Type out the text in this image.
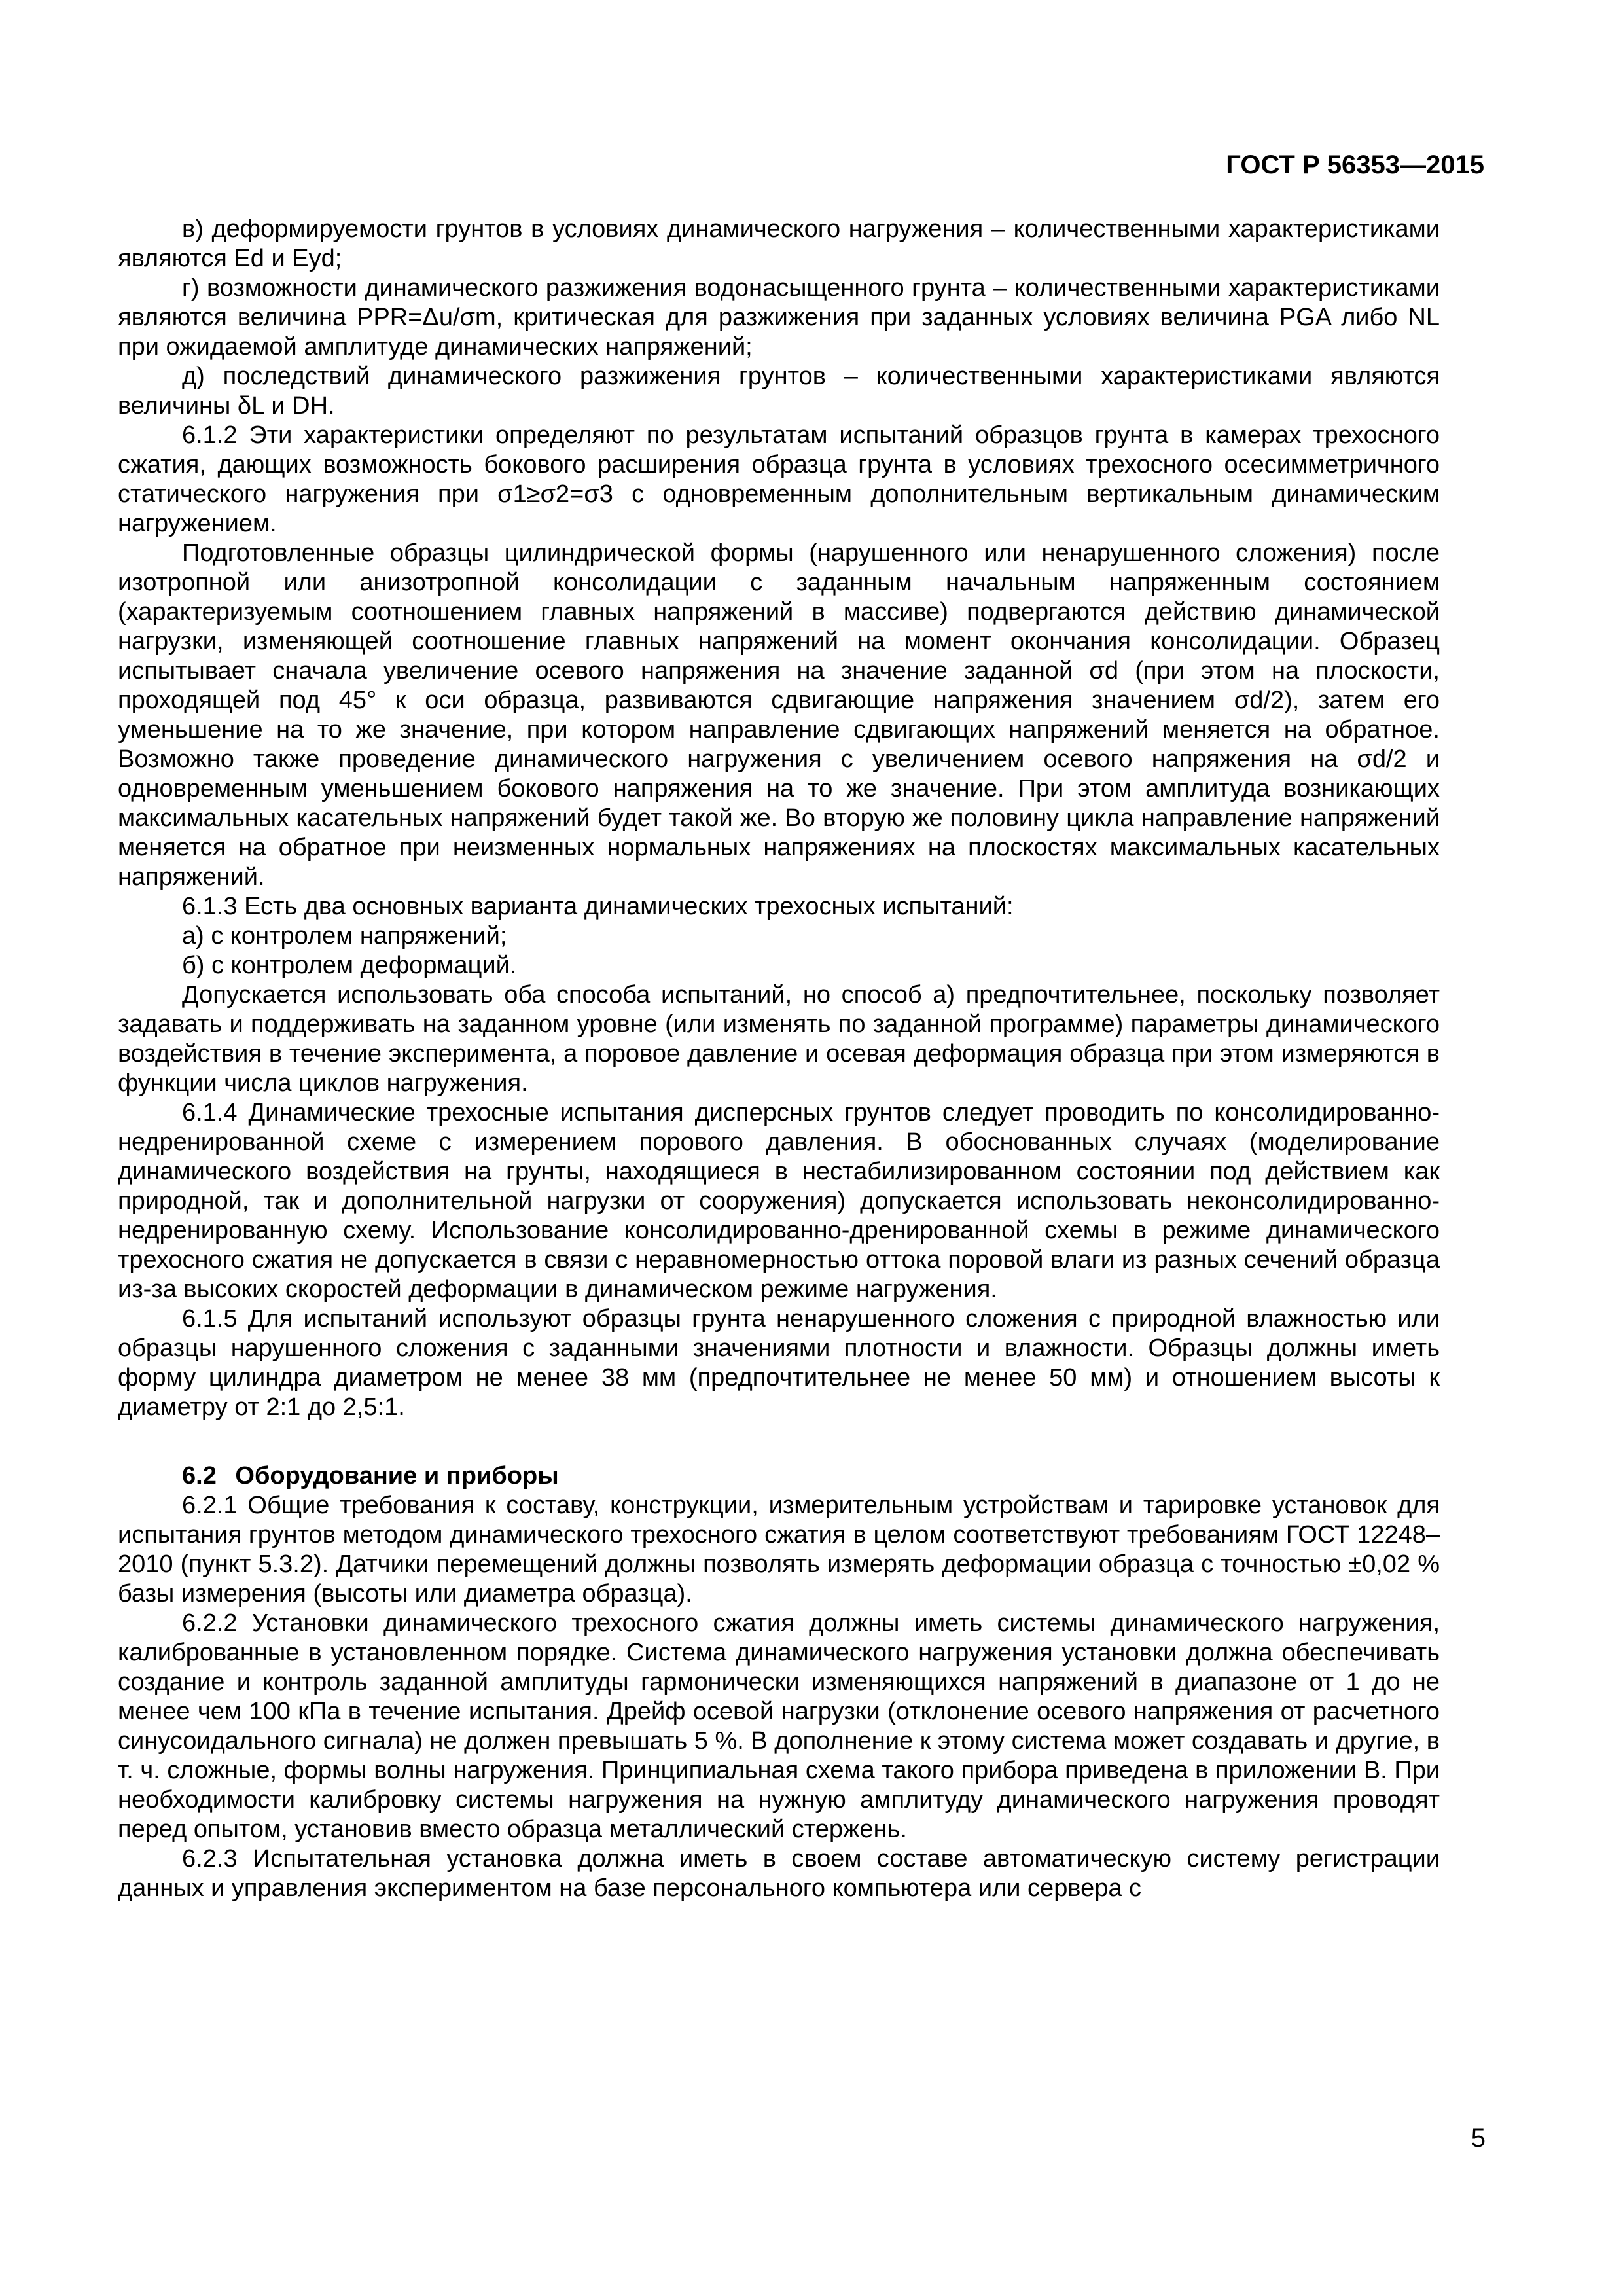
ГОСТ Р 56353—2015

в) деформируемости грунтов в условиях динамического нагружения – количественными характеристиками являются Ed и Eуd;

г) возможности динамического разжижения водонасыщенного грунта – количественными характеристиками являются величина PPR=Δu/σm, критическая для разжижения при заданных условиях величина PGA либо NL при ожидаемой амплитуде динамических напряжений;

д) последствий динамического разжижения грунтов – количественными характеристиками являются величины δL и DH.

6.1.2 Эти характеристики определяют по результатам испытаний образцов грунта в камерах трехосного сжатия, дающих возможность бокового расширения образца грунта в условиях трехосного осесимметричного статического нагружения при σ1≥σ2=σ3 с одновременным дополнительным вертикальным динамическим нагружением.

Подготовленные образцы цилиндрической формы (нарушенного или ненарушенного сложения) после изотропной или анизотропной консолидации с заданным начальным напряженным состоянием (характеризуемым соотношением главных напряжений в массиве) подвергаются действию динамической нагрузки, изменяющей соотношение главных напряжений на момент окончания консолидации. Образец испытывает сначала увеличение осевого напряжения на значение заданной σd (при этом на плоскости, проходящей под 45° к оси образца, развиваются сдвигающие напряжения значением σd/2), затем его уменьшение на то же значение, при котором направление сдвигающих напряжений меняется на обратное. Возможно также проведение динамического нагружения с увеличением осевого напряжения на σd/2 и одновременным уменьшением бокового напряжения на то же значение. При этом амплитуда возникающих максимальных касательных напряжений будет такой же. Во вторую же половину цикла направление напряжений меняется на обратное при неизменных нормальных напряжениях на плоскостях максимальных касательных напряжений.

6.1.3 Есть два основных варианта динамических трехосных испытаний:

а) с контролем напряжений;

б) с контролем деформаций.

Допускается использовать оба способа испытаний, но способ а) предпочтительнее, поскольку позволяет задавать и поддерживать на заданном уровне (или изменять по заданной программе) параметры динамического воздействия в течение эксперимента, а поровое давление и осевая деформация образца при этом измеряются в функции числа циклов нагружения.

6.1.4 Динамические трехосные испытания дисперсных грунтов следует проводить по консолидированно-недренированной схеме с измерением порового давления. В обоснованных случаях (моделирование динамического воздействия на грунты, находящиеся в нестабилизированном состоянии под действием как природной, так и дополнительной нагрузки от сооружения) допускается использовать неконсолидированно-недренированную схему. Использование консолидированно-дренированной схемы в режиме динамического трехосного сжатия не допускается в связи с неравномерностью оттока поровой влаги из разных сечений образца из-за высоких скоростей деформации в динамическом режиме нагружения.

6.1.5 Для испытаний используют образцы грунта ненарушенного сложения с природной влажностью или образцы нарушенного сложения с заданными значениями плотности и влажности. Образцы должны иметь форму цилиндра диаметром не менее 38 мм (предпочтительнее не менее 50 мм) и отношением высоты к диаметру от 2:1 до 2,5:1.

6.2 Оборудование и приборы

6.2.1 Общие требования к составу, конструкции, измерительным устройствам и тарировке установок для испытания грунтов методом динамического трехосного сжатия в целом соответствуют требованиям ГОСТ 12248–2010 (пункт 5.3.2). Датчики перемещений должны позволять измерять деформации образца с точностью ±0,02 % базы измерения (высоты или диаметра образца).

6.2.2 Установки динамического трехосного сжатия должны иметь системы динамического нагружения, калиброванные в установленном порядке. Система динамического нагружения установки должна обеспечивать создание и контроль заданной амплитуды гармонически изменяющихся напряжений в диапазоне от 1 до не менее чем 100 кПа в течение испытания. Дрейф осевой нагрузки (отклонение осевого напряжения от расчетного синусоидального сигнала) не должен превышать 5 %. В дополнение к этому система может создавать и другие, в т. ч. сложные, формы волны нагружения. Принципиальная схема такого прибора приведена в приложении В. При необходимости калибровку системы нагружения на нужную амплитуду динамического нагружения проводят перед опытом, установив вместо образца металлический стержень.

6.2.3 Испытательная установка должна иметь в своем составе автоматическую систему регистрации данных и управления экспериментом на базе персонального компьютера или сервера с

5
